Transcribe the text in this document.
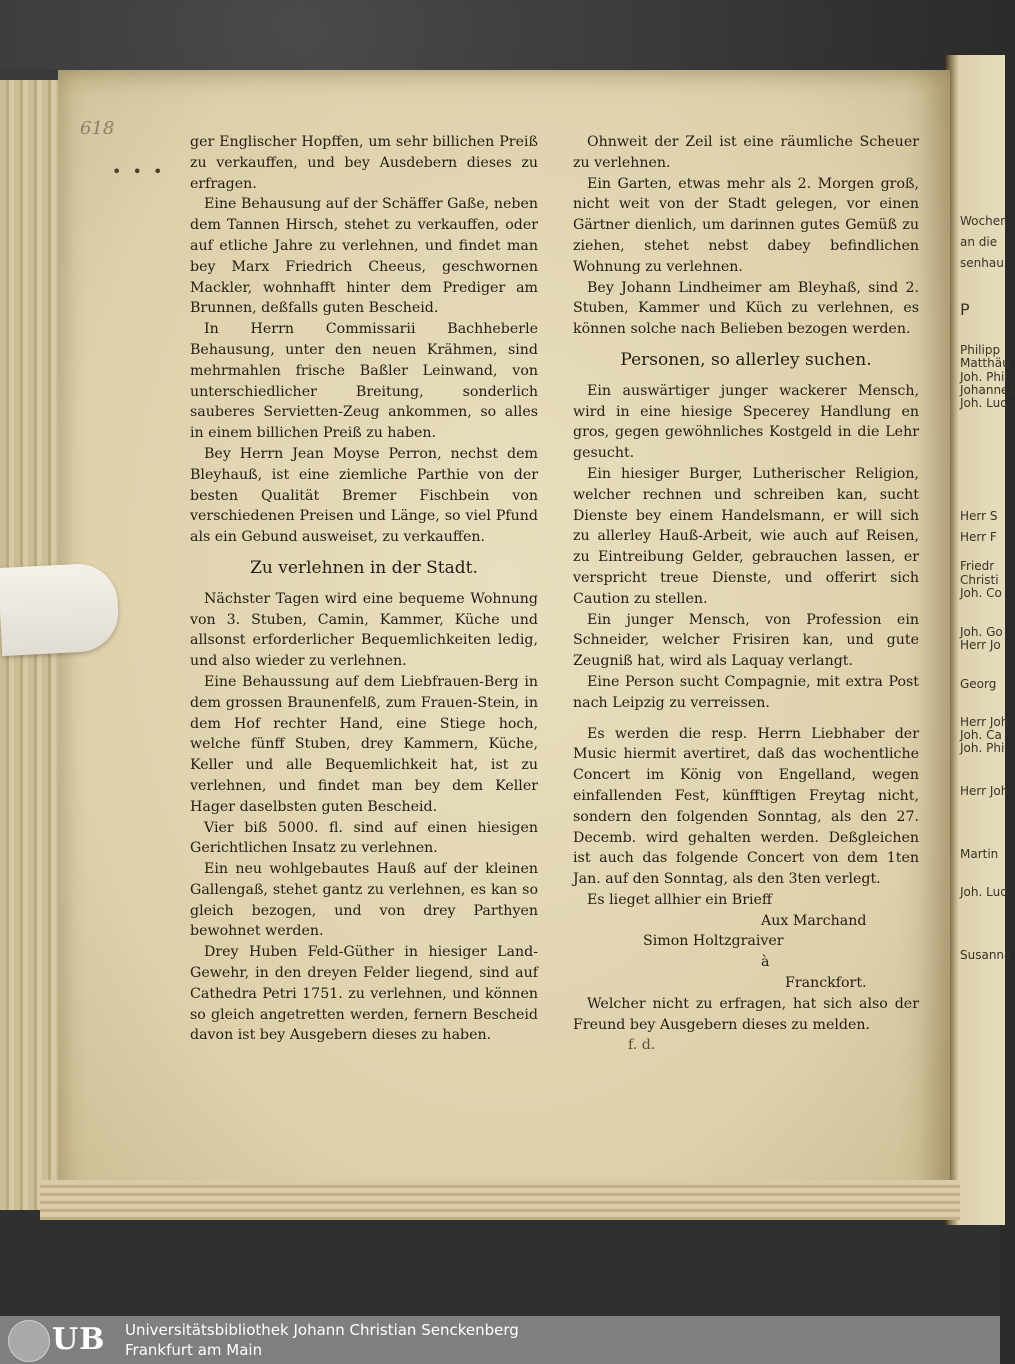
Wochen
an die
senhau
P
Philipp
Matthäu
Joh. Phil
Johannes
Joh. Lud
Herr S
Herr F
Friedr
Christi
Joh. Co
Joh. Go
Herr Jo
Georg
Herr Joh
Joh. Ca
Joh. Phi
Herr Joh
Martin
Joh. Lud
Susanna
618
• • •

ger Englischer Hopffen, um sehr billichen Preiß zu verkauffen, und bey Ausdebern dieses zu erfragen.

Eine Behausung auf der Schäffer Gaße, neben dem Tannen Hirsch, stehet zu verkauffen, oder auf etliche Jahre zu verlehnen, und findet man bey Marx Friedrich Cheeus, geschwornen Mackler, wohnhafft hinter dem Prediger am Brunnen, deßfalls guten Bescheid.

In Herrn Commissarii Bachheberle Behausung, unter den neuen Krähmen, sind mehrmahlen frische Baßler Leinwand, von unterschiedlicher Breitung, sonderlich sauberes Servietten-Zeug ankommen, so alles in einem billichen Preiß zu haben.

Bey Herrn Jean Moyse Perron, nechst dem Bleyhauß, ist eine ziemliche Parthie von der besten Qualität Bremer Fischbein von verschiedenen Preisen und Länge, so viel Pfund als ein Gebund ausweiset, zu verkauffen.

Zu verlehnen in der Stadt.

Nächster Tagen wird eine bequeme Wohnung von 3. Stuben, Camin, Kammer, Küche und allsonst erforderlicher Bequemlichkeiten ledig, und also wieder zu verlehnen.

Eine Behaussung auf dem Liebfrauen-Berg in dem grossen Braunenfelß, zum Frauen-Stein, in dem Hof rechter Hand, eine Stiege hoch, welche fünff Stuben, drey Kammern, Küche, Keller und alle Bequemlichkeit hat, ist zu verlehnen, und findet man bey dem Keller Hager daselbsten guten Bescheid.

Vier biß 5000. fl. sind auf einen hiesigen Gerichtlichen Insatz zu verlehnen.

Ein neu wohlgebautes Hauß auf der kleinen Gallengaß, stehet gantz zu verlehnen, es kan so gleich bezogen, und von drey Parthyen bewohnet werden.

Drey Huben Feld-Güther in hiesiger Land-Gewehr, in den dreyen Felder liegend, sind auf Cathedra Petri 1751. zu verlehnen, und können so gleich angetretten werden, fernern Bescheid davon ist bey Ausgebern dieses zu haben.

Ohnweit der Zeil ist eine räumliche Scheuer zu verlehnen.

Ein Garten, etwas mehr als 2. Morgen groß, nicht weit von der Stadt gelegen, vor einen Gärtner dienlich, um darinnen gutes Gemüß zu ziehen, stehet nebst dabey befindlichen Wohnung zu verlehnen.

Bey Johann Lindheimer am Bleyhaß, sind 2. Stuben, Kammer und Küch zu verlehnen, es können solche nach Belieben bezogen werden.

Personen, so allerley suchen.

Ein auswärtiger junger wackerer Mensch, wird in eine hiesige Specerey Handlung en gros, gegen gewöhnliches Kostgeld in die Lehr gesucht.

Ein hiesiger Burger, Lutherischer Religion, welcher rechnen und schreiben kan, sucht Dienste bey einem Handelsmann, er will sich zu allerley Hauß-Arbeit, wie auch auf Reisen, zu Eintreibung Gelder, gebrauchen lassen, er verspricht treue Dienste, und offerirt sich Caution zu stellen.

Ein junger Mensch, von Profession ein Schneider, welcher Frisiren kan, und gute Zeugniß hat, wird als Laquay verlangt.

Eine Person sucht Compagnie, mit extra Post nach Leipzig zu verreissen.

Es werden die resp. Herrn Liebhaber der Music hiermit avertiret, daß das wochentliche Concert im König von Engelland, wegen einfallenden Fest, künfftigen Freytag nicht, sondern den folgenden Sonntag, als den 27. Decemb. wird gehalten werden. Deßgleichen ist auch das folgende Concert von dem 1ten Jan. auf den Sonntag, als den 3ten verlegt.

Es lieget allhier ein Brieff

Aux Marchand

Simon Holtzgraiver

à

Franckfort.

Welcher nicht zu erfragen, hat sich also der Freund bey Ausgebern dieses zu melden.

f. d.

UB Universitätsbibliothek Johann Christian Senckenberg
Frankfurt am Main
